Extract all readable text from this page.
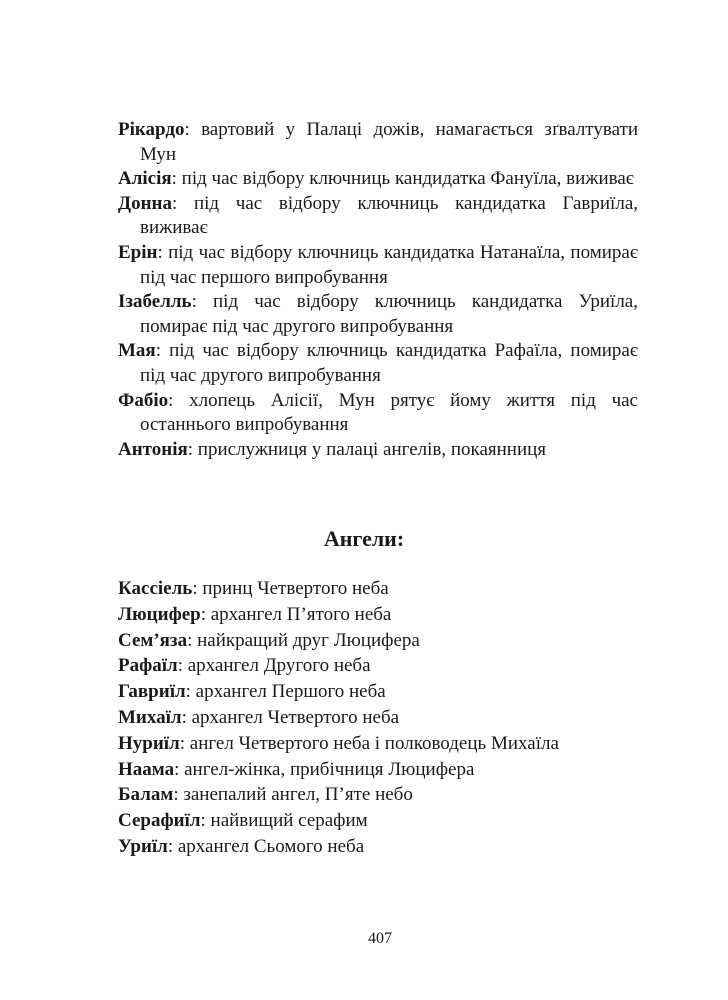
Рікардо: вартовий у Палаці дожів, намагається зґвалтувати Мун
Алісія: під час відбору ключниць кандидатка Фануїла, виживає
Донна: під час відбору ключниць кандидатка Гавриїла, виживає
Ерін: під час відбору ключниць кандидатка Натанаїла, помирає під час першого випробування
Ізабелль: під час відбору ключниць кандидатка Уриїла, помирає під час другого випробування
Мая: під час відбору ключниць кандидатка Рафаїла, помирає під час другого випробування
Фабіо: хлопець Алісії, Мун рятує йому життя під час останнього випробування
Антонія: прислужниця у палаці ангелів, покаянниця
Ангели:
Кассіель: принц Четвертого неба
Люцифер: архангел П’ятого неба
Сем’яза: найкращий друг Люцифера
Рафаїл: архангел Другого неба
Гавриїл: архангел Першого неба
Михаїл: архангел Четвертого неба
Нуриїл: ангел Четвертого неба і полководець Михаїла
Наама: ангел-жінка, прибічниця Люцифера
Балам: занепалий ангел, П’яте небо
Серафиїл: найвищий серафим
Уриїл: архангел Сьомого неба
407
